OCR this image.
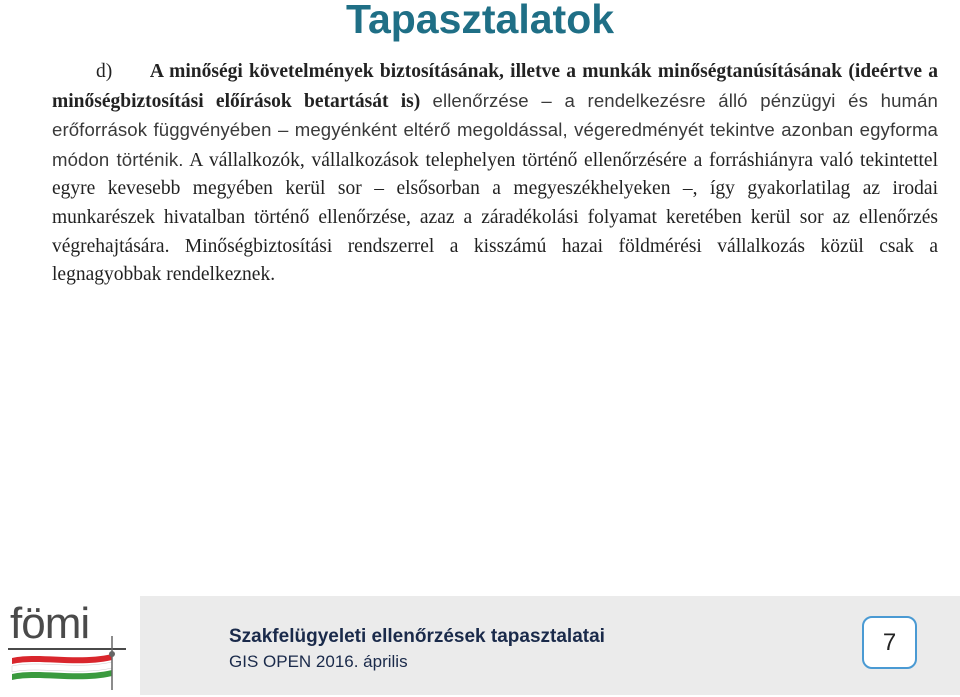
Tapasztalatok
d) A minőségi követelmények biztosításának, illetve a munkák minőségtanúsításának (ideértve a minőségbiztosítási előírások betartását is) ellenőrzése – a rendelkezésre álló pénzügyi és humán erőforrások függvényében – megyénként eltérő megoldással, végeredményét tekintve azonban egyforma módon történik. A vállalkozók, vállalkozások telephelyen történő ellenőrzésére a forráshiányra való tekintettel egyre kevesebb megyében kerül sor – elsősorban a megyeszékhelyeken –, így gyakorlatilag az irodai munkarészek hivatalban történő ellenőrzése, azaz a záradékolási folyamat keretében kerül sor az ellenőrzés végrehajtására. Minőségbiztosítási rendszerrel a kisszámú hazai földmérési vállalkozás közül csak a legnagyobbak rendelkeznek.
fömi	Szakfelügyeleti ellenőrzések tapasztalatai
GIS OPEN 2016. április
7
